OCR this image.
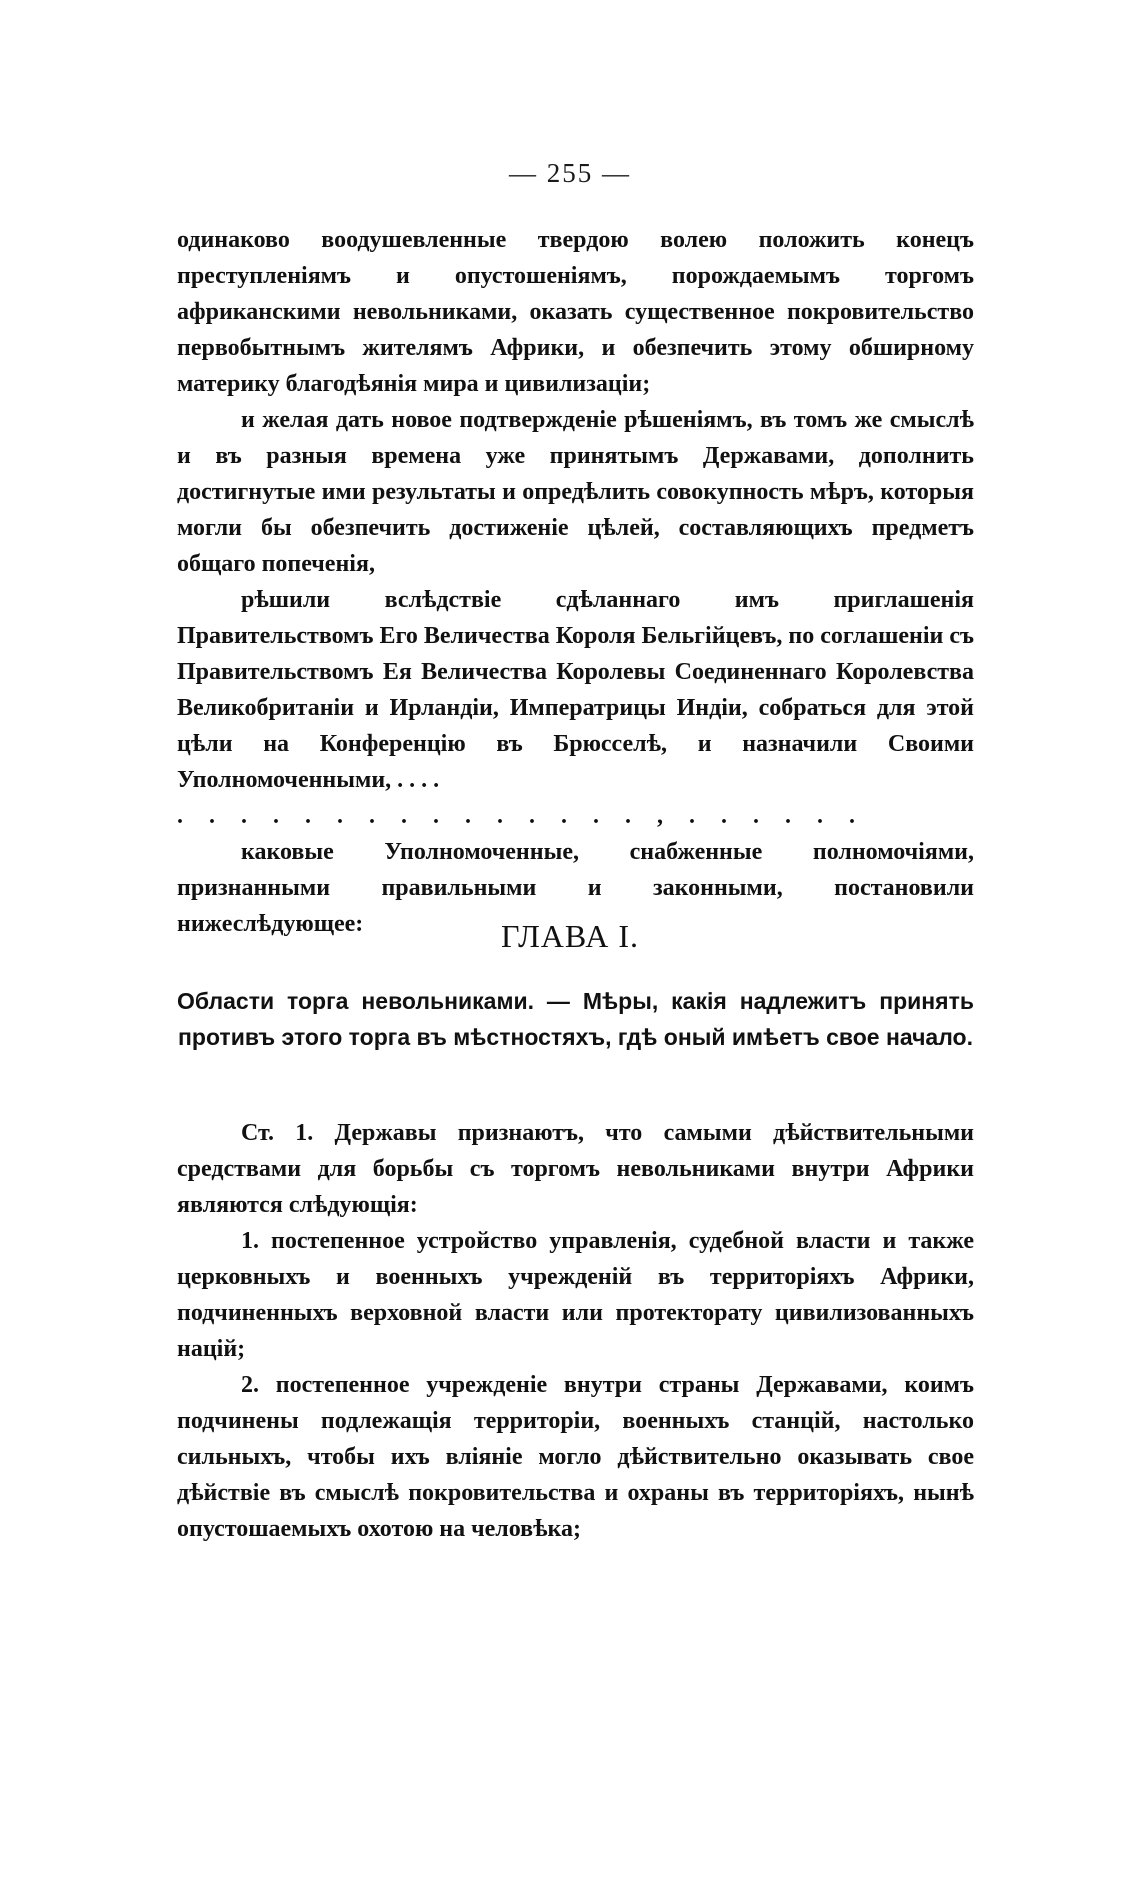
— 255 —

одинаково воодушевленные твердою волею положить конецъ преступленіямъ и опустошеніямъ, порождаемымъ торгомъ африканскими невольниками, оказать существенное покровительство первобытнымъ жителямъ Африки, и обезпечить этому обширному материку благодѣянія мира и цивилизаціи;

и желая дать новое подтвержденіе рѣшеніямъ, въ томъ же смыслѣ и въ разныя времена уже принятымъ Державами, дополнить достигнутые ими результаты и опредѣлить совокупность мѣръ, которыя могли бы обезпечить достиженіе цѣлей, составляющихъ предметъ общаго попеченія,

рѣшили вслѣдствіе сдѣланнаго имъ приглашенія Правительствомъ Его Величества Короля Бельгійцевъ, по соглашеніи съ Правительствомъ Ея Величества Королевы Соединеннаго Королевства Великобританіи и Ирландіи, Императрицы Индіи, собраться для этой цѣли на Конференцію въ Брюсселѣ, и назначили Своими Уполномоченными, . . . .

. . . . . . . . . . . . . . . , . . . . . .

каковые Уполномоченные, снабженные полномочіями, признанными правильными и законными, постановили нижеслѣдующее:	ГЛАВА I.
Области торга невольниками. — Мѣры, какія надлежитъ принять противъ этого торга въ мѣстностяхъ, гдѣ оный имѣетъ свое начало.

Ст. 1. Державы признаютъ, что самыми дѣйствительными средствами для борьбы съ торгомъ невольниками внутри Африки являются слѣдующія:

1. постепенное устройство управленія, судебной власти и также церковныхъ и военныхъ учрежденій въ территоріяхъ Африки, подчиненныхъ верховной власти или протекторату цивилизованныхъ націй;

2. постепенное учрежденіе внутри страны Державами, коимъ подчинены подлежащія территоріи, военныхъ станцій, настолько сильныхъ, чтобы ихъ вліяніе могло дѣйствительно оказывать свое дѣйствіе въ смыслѣ покровительства и охраны въ территоріяхъ, нынѣ опустошаемыхъ охотою на человѣка;
